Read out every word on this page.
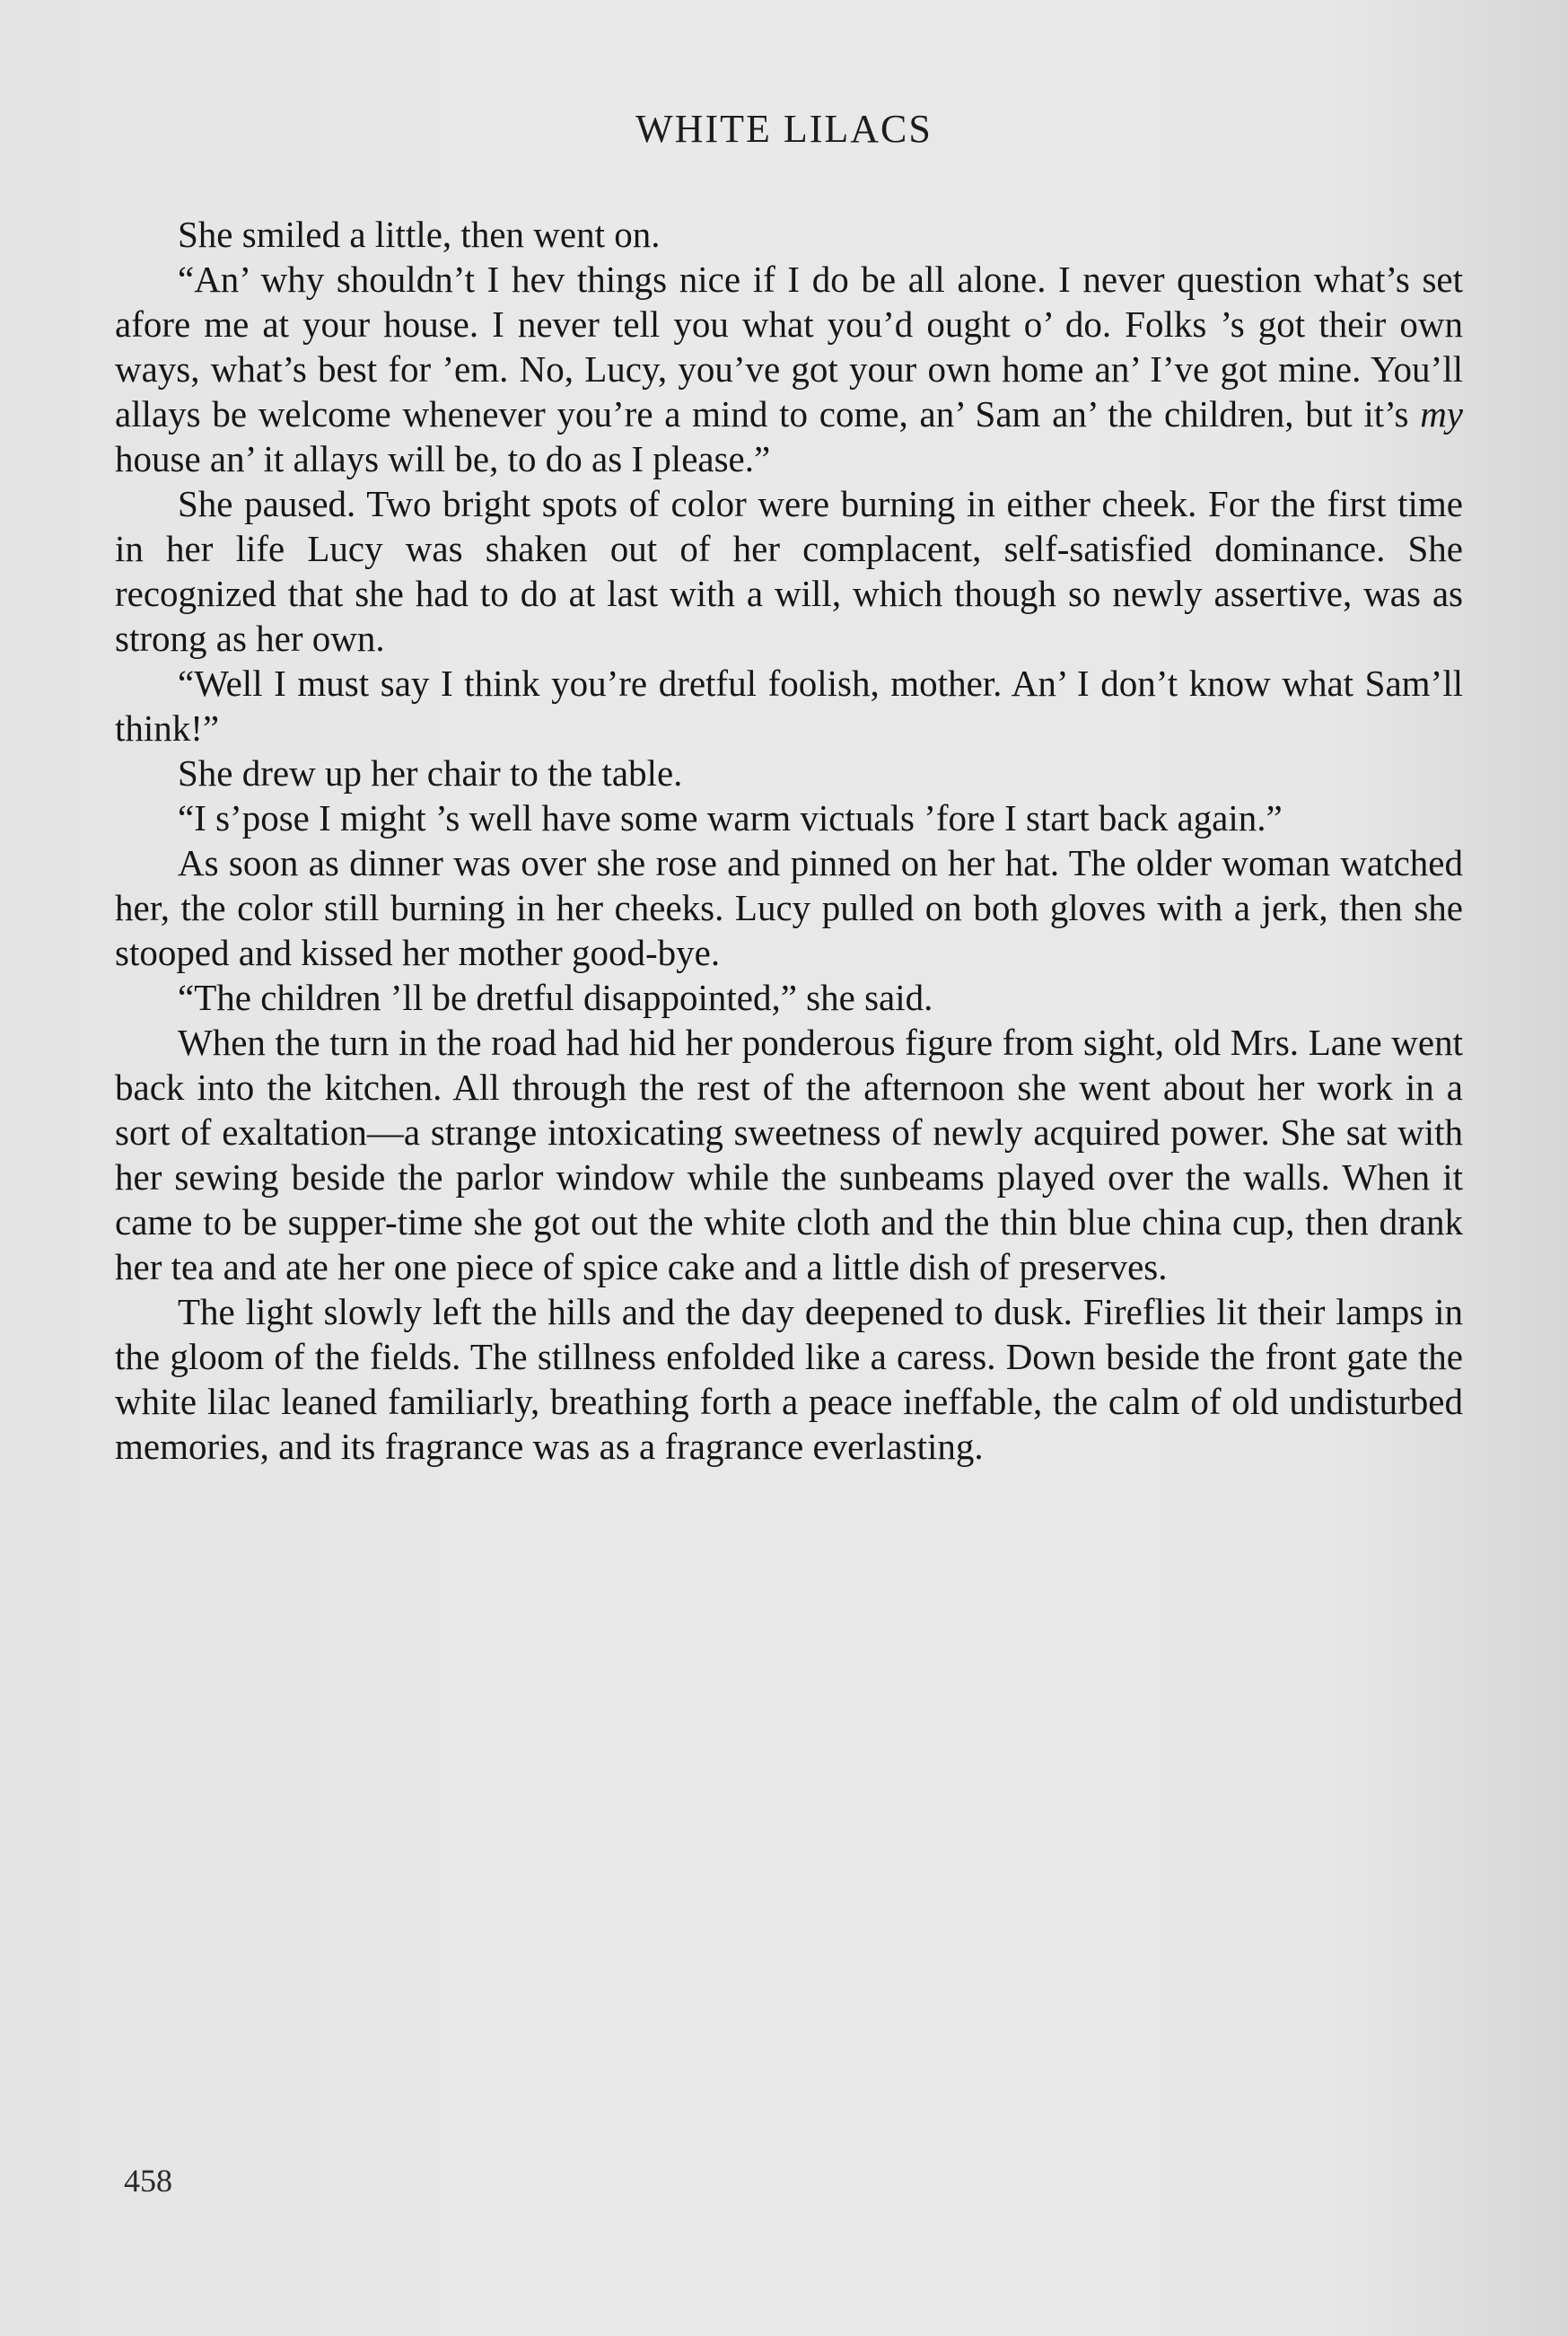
WHITE LILACS

She smiled a little, then went on.

“An’ why shouldn’t I hev things nice if I do be all alone. I never question what’s set afore me at your house. I never tell you what you’d ought o’ do. Folks ’s got their own ways, what’s best for ’em. No, Lucy, you’ve got your own home an’ I’ve got mine. You’ll allays be welcome whenever you’re a mind to come, an’ Sam an’ the children, but it’s my house an’ it allays will be, to do as I please.”

She paused. Two bright spots of color were burning in either cheek. For the first time in her life Lucy was shaken out of her complacent, self-satisfied dominance. She recognized that she had to do at last with a will, which though so newly assertive, was as strong as her own.

“Well I must say I think you’re dretful foolish, mother. An’ I don’t know what Sam’ll think!”

She drew up her chair to the table.

“I s’pose I might ’s well have some warm victuals ’fore I start back again.”

As soon as dinner was over she rose and pinned on her hat. The older woman watched her, the color still burning in her cheeks. Lucy pulled on both gloves with a jerk, then she stooped and kissed her mother good-bye.

“The children ’ll be dretful disappointed,” she said.

When the turn in the road had hid her ponderous figure from sight, old Mrs. Lane went back into the kitchen. All through the rest of the afternoon she went about her work in a sort of exaltation—a strange intoxicating sweetness of newly acquired power. She sat with her sewing beside the parlor window while the sunbeams played over the walls. When it came to be supper-time she got out the white cloth and the thin blue china cup, then drank her tea and ate her one piece of spice cake and a little dish of preserves.

The light slowly left the hills and the day deepened to dusk. Fireflies lit their lamps in the gloom of the fields. The stillness enfolded like a caress. Down beside the front gate the white lilac leaned familiarly, breathing forth a peace ineffable, the calm of old undisturbed memories, and its fragrance was as a fragrance everlasting.

458
